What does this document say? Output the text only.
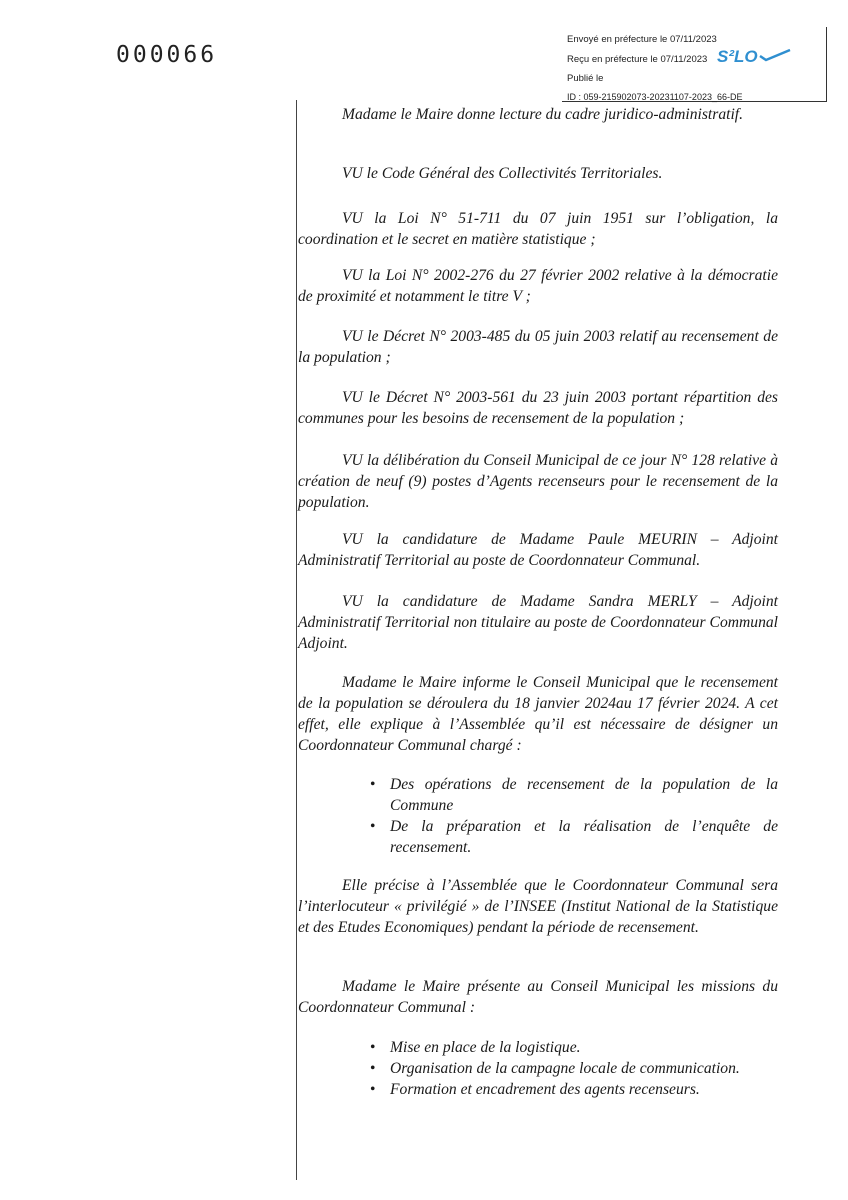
000066
Envoyé en préfecture le 07/11/2023
Reçu en préfecture le 07/11/2023
Publié le
ID : 059-215902073-20231107-2023_66-DE
S²LO

Madame le Maire donne lecture du cadre juridico-administratif.

VU le Code Général des Collectivités Territoriales.

VU la Loi N° 51-711 du 07 juin 1951 sur l’obligation, la coordination et le secret en matière statistique ;

VU la Loi N° 2002-276 du 27 février 2002 relative à la démocratie de proximité et notamment le titre V ;

VU le Décret N° 2003-485 du 05 juin 2003 relatif au recensement de la population ;

VU le Décret N° 2003-561 du 23 juin 2003 portant répartition des communes pour les besoins de recensement de la population ;

VU la délibération du Conseil Municipal de ce jour N° 128 relative à création de neuf (9) postes d’Agents recenseurs pour le recensement de la population.

VU la candidature de Madame Paule MEURIN – Adjoint Administratif Territorial au poste de Coordonnateur Communal.

VU la candidature de Madame Sandra MERLY – Adjoint Administratif Territorial non titulaire au poste de Coordonnateur Communal Adjoint.

Madame le Maire informe le Conseil Municipal que le recensement de la population se déroulera du 18 janvier 2024au 17 février 2024. A cet effet, elle explique à l’Assemblée qu’il est nécessaire de désigner un Coordonnateur Communal chargé :

• Des opérations de recensement de la population de la Commune
• De la préparation et la réalisation de l’enquête de recensement.

Elle précise à l’Assemblée que le Coordonnateur Communal sera l’interlocuteur « privilégié » de l’INSEE (Institut National de la Statistique et des Etudes Economiques) pendant la période de recensement.

Madame le Maire présente au Conseil Municipal les missions du Coordonnateur Communal :

• Mise en place de la logistique.
• Organisation de la campagne locale de communication.
• Formation et encadrement des agents recenseurs.
